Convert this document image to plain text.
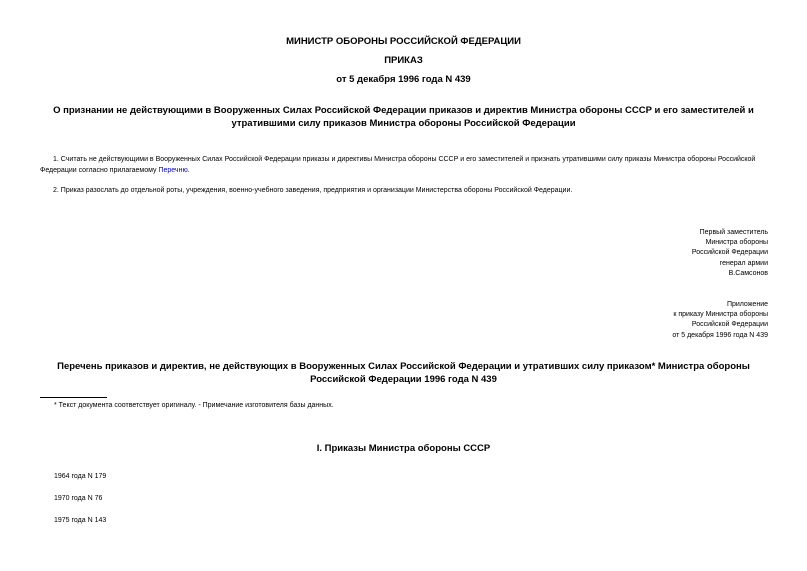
МИНИСТР ОБОРОНЫ РОССИЙСКОЙ ФЕДЕРАЦИИ
ПРИКАЗ
от 5 декабря 1996 года N 439
О признании не действующими в Вооруженных Силах Российской Федерации приказов и директив Министра обороны СССР и его заместителей и утратившими силу приказов Министра обороны Российской Федерации
1. Считать не действующими в Вооруженных Силах Российской Федерации приказы и директивы Министра обороны СССР и его заместителей и признать утратившими силу приказы Министра обороны Российской Федерации согласно прилагаемому Перечню.
2. Приказ разослать до отдельной роты, учреждения, военно-учебного заведения, предприятия и организации Министерства обороны Российской Федерации.
Первый заместитель
Министра обороны
Российской Федерации
генерал армии
В.Самсонов
Приложение
к приказу Министра обороны
Российской Федерации
от 5 декабря 1996 года N 439
Перечень приказов и директив, не действующих в Вооруженных Силах Российской Федерации и утративших силу приказом* Министра обороны Российской Федерации 1996 года N 439
* Текст документа соответствует оригиналу. - Примечание изготовителя базы данных.
I. Приказы Министра обороны СССР
1964 года N 179
1970 года N 76
1975 года N 143
